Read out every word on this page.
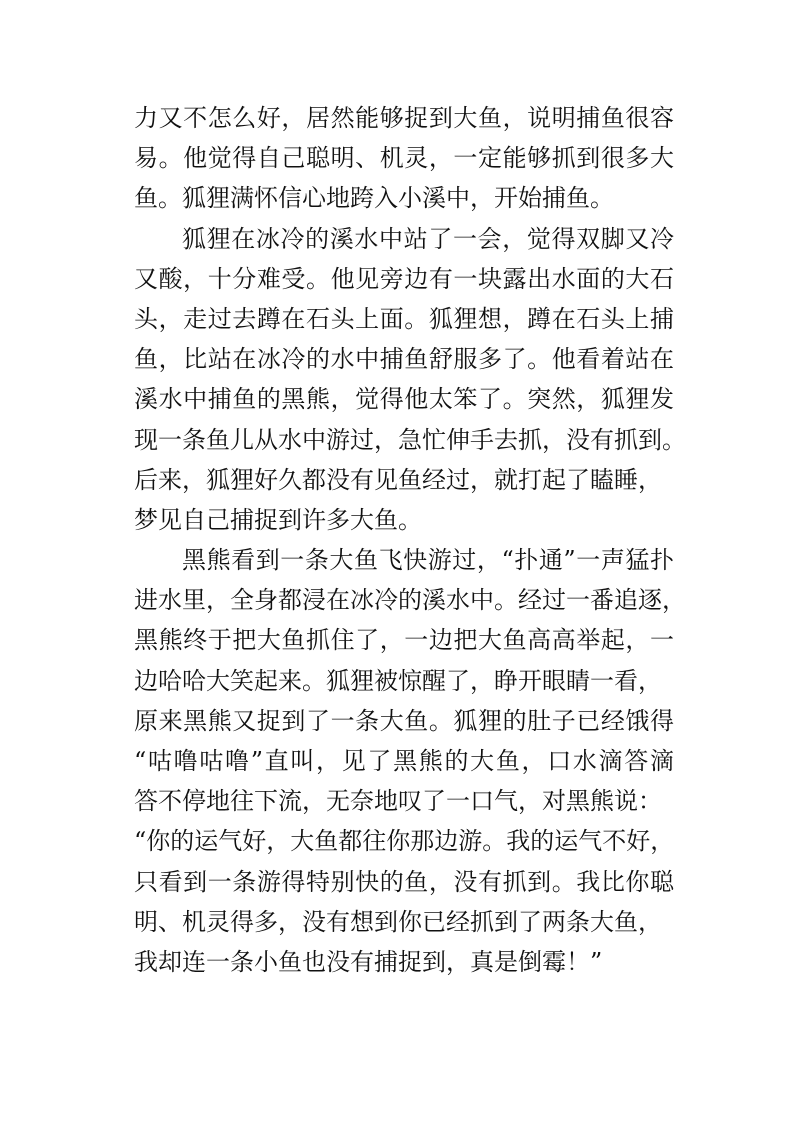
力又不怎么好，居然能够捉到大鱼，说明捕鱼很容
易。他觉得自己聪明、机灵，一定能够抓到很多大
鱼。狐狸满怀信心地跨入小溪中，开始捕鱼。
狐狸在冰冷的溪水中站了一会，觉得双脚又冷
又酸，十分难受。他见旁边有一块露出水面的大石
头，走过去蹲在石头上面。狐狸想，蹲在石头上捕
鱼，比站在冰冷的水中捕鱼舒服多了。他看着站在
溪水中捕鱼的黑熊，觉得他太笨了。突然，狐狸发
现一条鱼儿从水中游过，急忙伸手去抓，没有抓到。
后来，狐狸好久都没有见鱼经过，就打起了瞌睡，
梦见自己捕捉到许多大鱼。
黑熊看到一条大鱼飞快游过，“扑通”一声猛扑
进水里，全身都浸在冰冷的溪水中。经过一番追逐，
黑熊终于把大鱼抓住了，一边把大鱼高高举起，一
边哈哈大笑起来。狐狸被惊醒了，睁开眼睛一看，
原来黑熊又捉到了一条大鱼。狐狸的肚子已经饿得
“咕噜咕噜”直叫，见了黑熊的大鱼，口水滴答滴
答不停地往下流，无奈地叹了一口气，对黑熊说：
“你的运气好，大鱼都往你那边游。我的运气不好，
只看到一条游得特别快的鱼，没有抓到。我比你聪
明、机灵得多，没有想到你已经抓到了两条大鱼，
我却连一条小鱼也没有捕捉到，真是倒霉！”
